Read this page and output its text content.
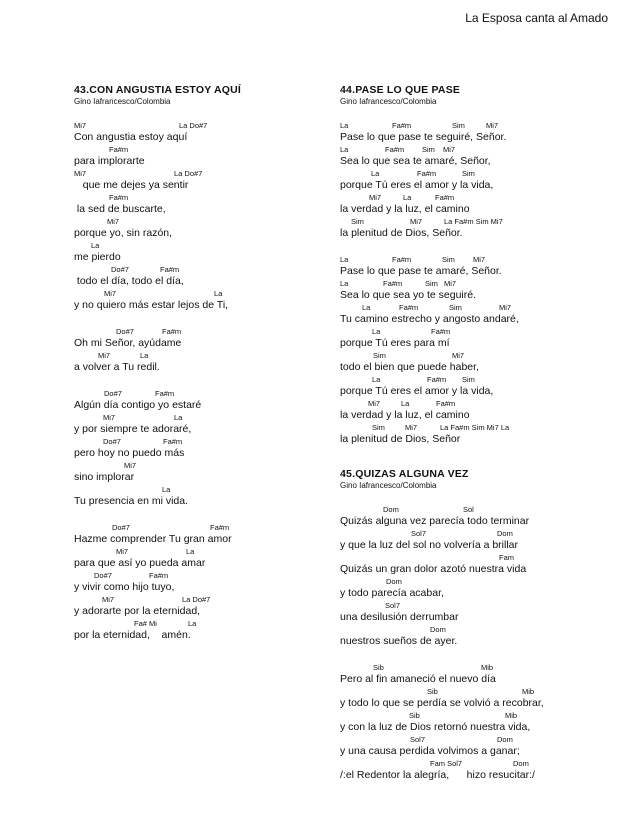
La Esposa canta al Amado
43.CON ANGUSTIA ESTOY AQUÍ
Gino Iafrancesco/Colombia
Mi7	La Do#7
Con angustia estoy aquí
Fa#m
para implorarte
Mi7	La Do#7
que me dejes ya sentir
Fa#m
la sed de buscarte,
Mi7
porque yo, sin razón,
La
me pierdo
Do#7	Fa#m
todo el día, todo el día,
Mi7	La
y no quiero más estar lejos de Ti,
Do#7	Fa#m
Oh mi Señor, ayúdame
Mi7	La
a volver a Tu redil.
Do#7	Fa#m
Algún día contigo yo estaré
Mi7	La
y por siempre te adoraré,
Do#7	Fa#m
pero hoy no puedo más
Mi7
sino implorar
La
Tu presencia en mi vida.
Do#7	Fa#m
Hazme comprender Tu gran amor
Mi7	La
para que así yo pueda amar
Do#7	Fa#m
y vivir como hijo tuyo,
Mi7	La Do#7
y adorarte por la eternidad,
Fa# Mi	La
por la eternidad,    amén.
44.PASE LO QUE PASE
Gino Iafrancesco/Colombia
La	Fa#m	Sim	Mi7
Pase lo que pase te seguiré, Señor.
La	Fa#m Sim Mi7
Sea lo que sea te amaré, Señor,
La	Fa#m	Sim
porque Tú eres el amor y la vida,
Mi7	La	Fa#m
la verdad y la luz, el camino
Sim	Mi7	La Fa#m Sim Mi7
la plenitud de Dios, Señor.
La	Fa#m	Sim Mi7
Pase lo que pase te amaré, Señor.
La	Fa#m	Sim Mi7
Sea lo que sea yo te seguiré.
La	Fa#m	Sim	Mi7
Tu camino estrecho y angosto andaré,
La	Fa#m
porque Tú eres para mí
Sim	Mi7
todo el bien que puede haber,
La	Fa#m Sim
porque Tú eres el amor y la vida,
Mi7	La	Fa#m
la verdad y la luz, el camino
Sim	Mi7	La Fa#m Sim Mi7 La
la plenitud de Dios, Señor
45.QUIZAS ALGUNA VEZ
Gino Iafrancesco/Colombia
Dom	Sol
Quizás alguna vez parecía todo terminar
Sol7	Dom
y que la luz del sol no volvería a brillar
Fam
Quizás un gran dolor azotó nuestra vida
Dom
y todo parecía acabar,
Sol7
una desilusión derrumbar
Dom
nuestros sueños de ayer.
Sib	Mib
Pero al fin amaneció el nuevo día
Sib	Mib
y todo lo que se perdía se volvió a recobrar,
Sib	Mib
y con la luz de Dios retornó nuestra vida,
Sol7	Dom
y una causa perdida volvimos a ganar;
Fam Sol7	Dom
/:el Redentor la alegría,      hizo resucitar:/
